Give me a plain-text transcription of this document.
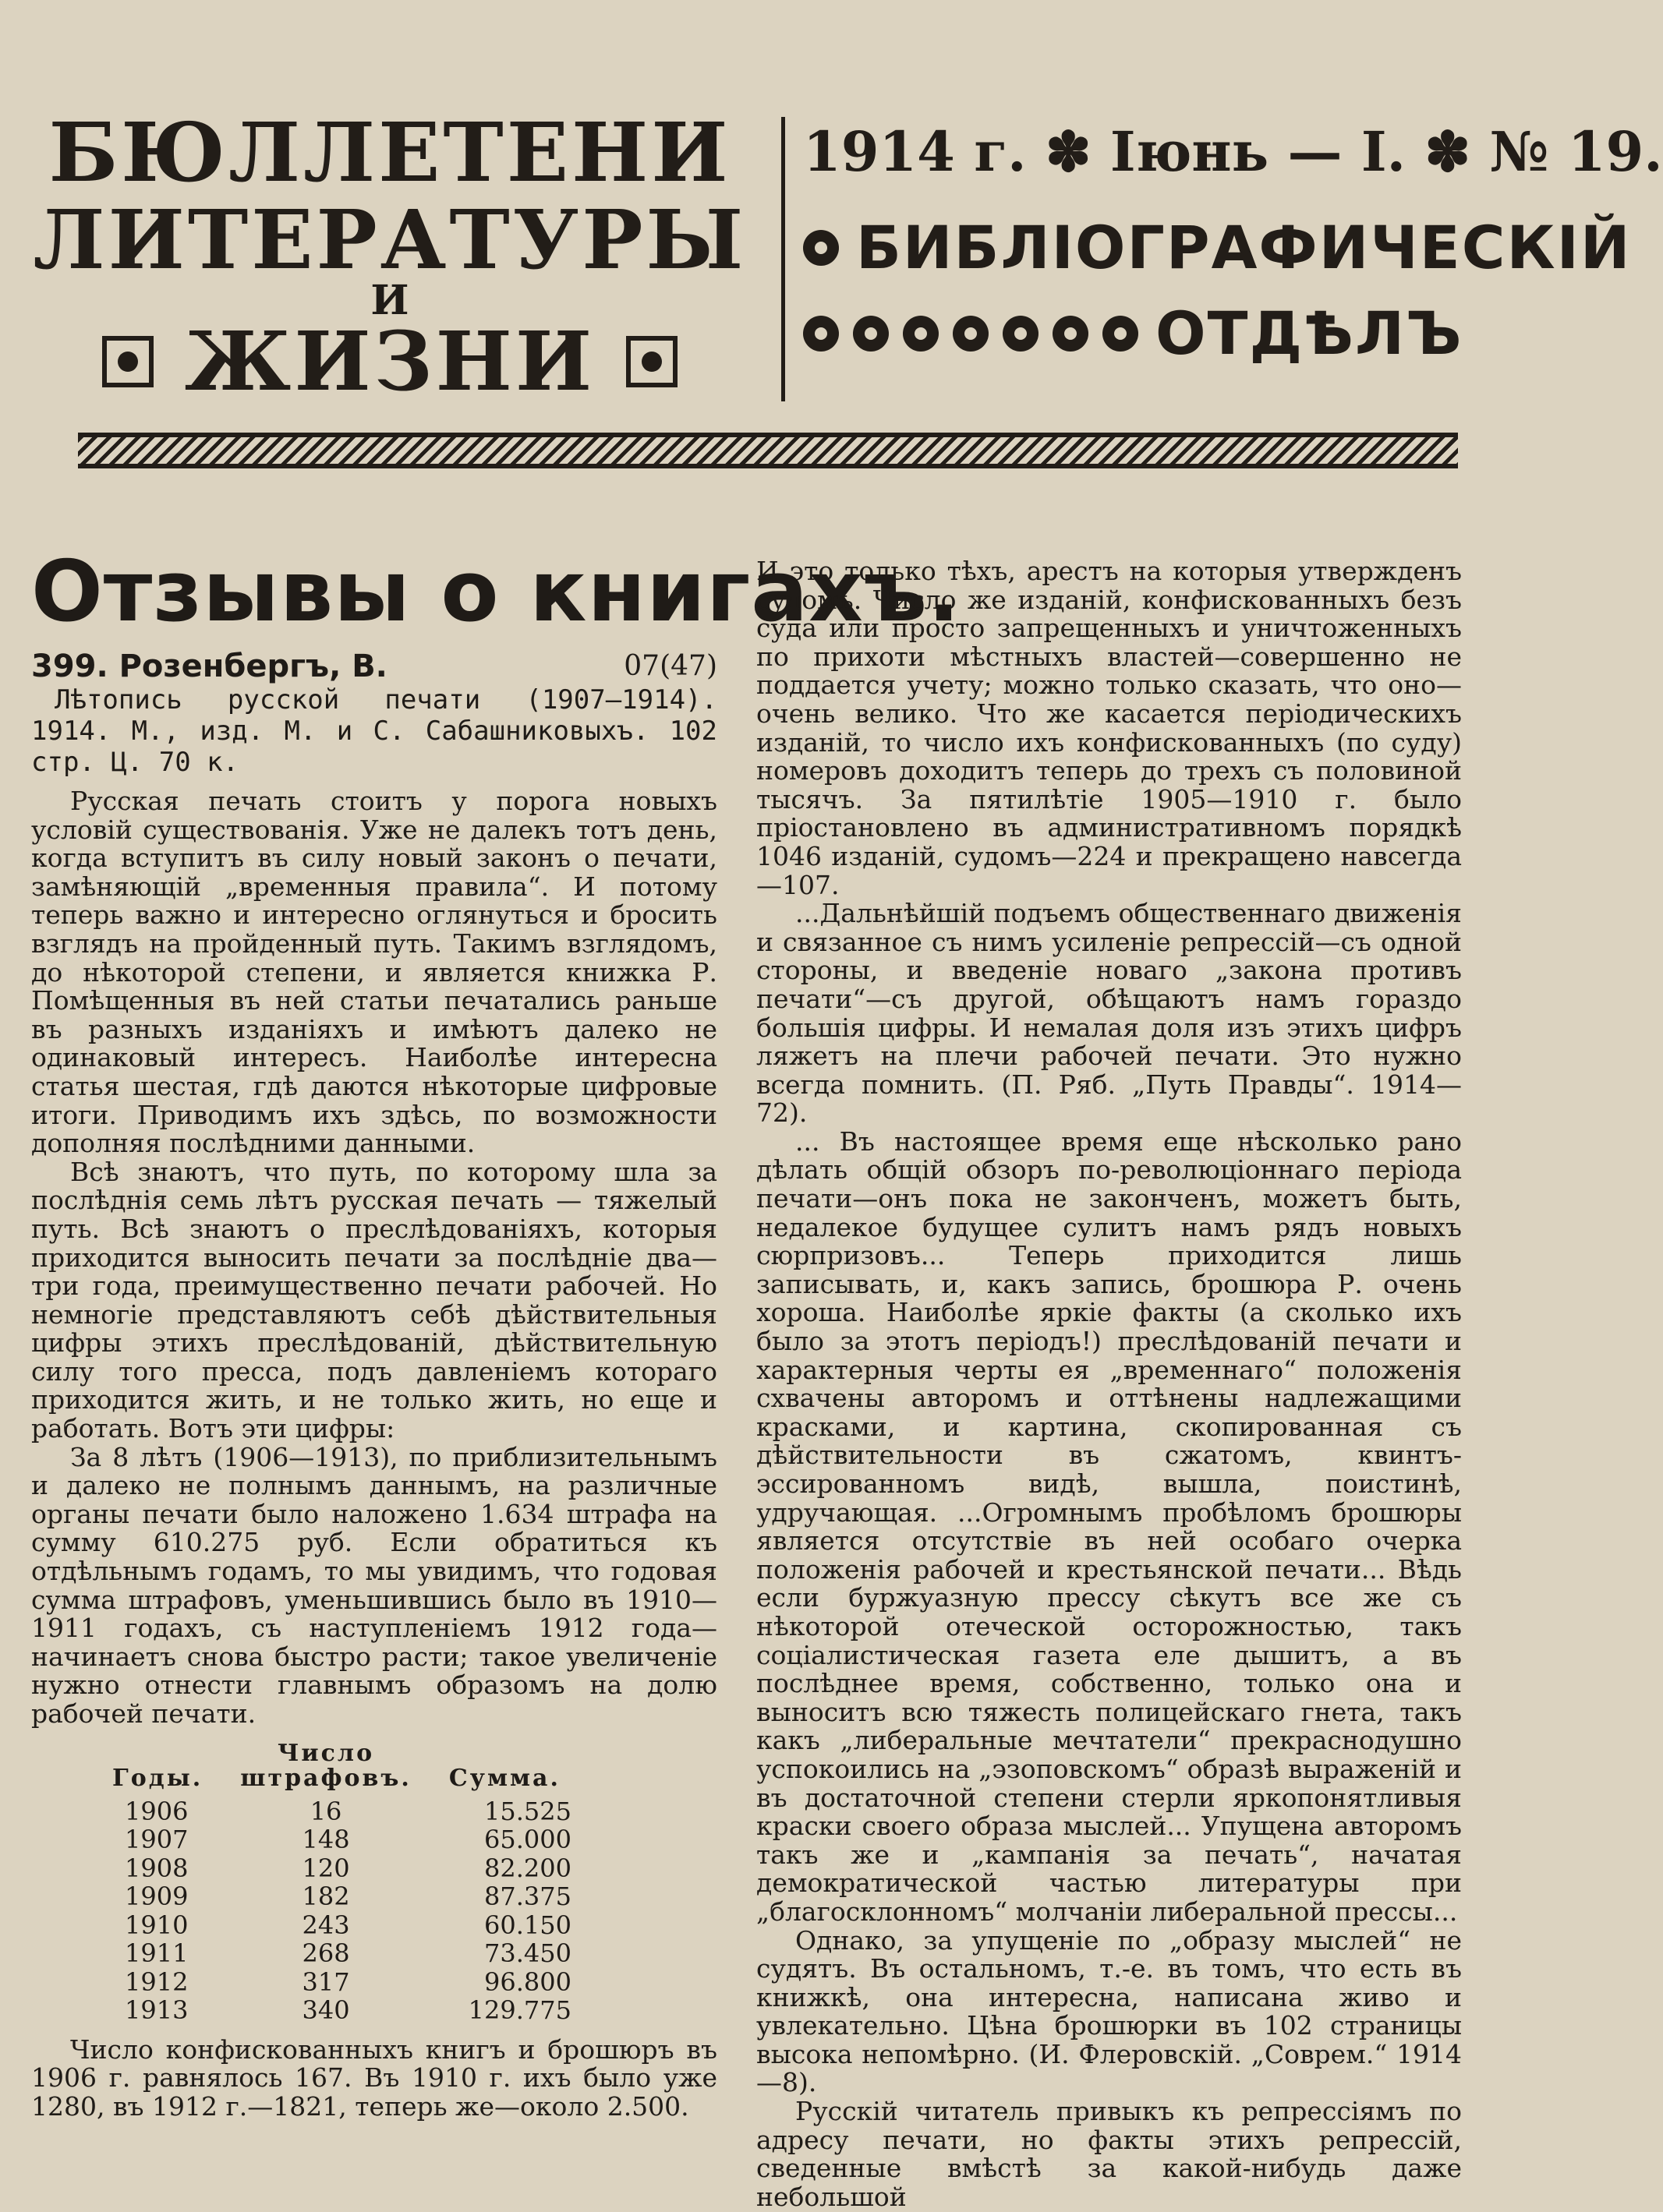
БЮЛЛЕТЕНИ
ЛИТЕРАТУРЫ
И
ЖИЗНИ
1914 г. ✽ Іюнь — I. ✽ № 19.
БИБЛІОГРАФИЧЕСКІЙ
ОТДѢЛЪ
Отзывы о книгахъ.
399. Розенбергъ, В.	07(47)

Лѣтопись русской печати (1907—1914). 1914. М., изд. М. и С. Сабашниковыхъ. 102 стр. Ц. 70 к.

Русская печать стоитъ у порога новыхъ условій существованія. Уже не далекъ тотъ день, когда вступитъ въ силу новый законъ о печати, замѣняющій „временныя правила“. И потому теперь важно и интересно оглянуться и бросить взглядъ на пройденный путь. Такимъ взглядомъ, до нѣкоторой степени, и является книжка Р. Помѣщенныя въ ней статьи печатались раньше въ разныхъ изданіяхъ и имѣютъ далеко не одинаковый интересъ. Наиболѣе интересна статья шестая, гдѣ даются нѣкоторые цифровые итоги. Приводимъ ихъ здѣсь, по возможности дополняя послѣдними данными.

Всѣ знаютъ, что путь, по которому шла за послѣднія семь лѣтъ русская печать — тяжелый путь. Всѣ знаютъ о преслѣдованіяхъ, которыя приходится выносить печати за послѣдніе два—три года, преимущественно печати рабочей. Но немногіе представляютъ себѣ дѣйствительныя цифры этихъ преслѣдованій, дѣйствительную силу того пресса, подъ давленіемъ котораго приходится жить, и не только жить, но еще и работать. Вотъ эти цифры:

За 8 лѣтъ (1906—1913), по приблизительнымъ и далеко не полнымъ даннымъ, на различные органы печати было наложено 1.634 штрафа на сумму 610.275 руб. Если обратиться къ отдѣльнымъ годамъ, то мы увидимъ, что годовая сумма штрафовъ, уменьшившись было въ 1910—1911 годахъ, съ наступленіемъ 1912 года—начинаетъ снова быстро расти; такое увеличеніе нужно отнести главнымъ образомъ на долю рабочей печати.

Годы.	Число штрафовъ.	Сумма.
1906	16	15.525
1907	148	65.000
1908	120	82.200
1909	182	87.375
1910	243	60.150
1911	268	73.450
1912	317	96.800
1913	340	129.775

Число конфискованныхъ книгъ и брошюръ въ 1906 г. равнялось 167. Въ 1910 г. ихъ было уже 1280, въ 1912 г.—1821, теперь же—около 2.500.

И это только тѣхъ, арестъ на которыя утвержденъ судомъ. Число же изданій, конфискованныхъ безъ суда или просто запрещенныхъ и уничтоженныхъ по прихоти мѣстныхъ властей—совершенно не поддается учету; можно только сказать, что оно—очень велико. Что же касается періодическихъ изданій, то число ихъ конфискованныхъ (по суду) номеровъ доходитъ теперь до трехъ съ половиной тысячъ. За пятилѣтіе 1905—1910 г. было пріостановлено въ административномъ порядкѣ 1046 изданій, судомъ—224 и прекращено навсегда—107.

...Дальнѣйшій подъемъ общественнаго движенія и связанное съ нимъ усиленіе репрессій—съ одной стороны, и введеніе новаго „закона противъ печати“—съ другой, обѣщаютъ намъ гораздо большія цифры. И немалая доля изъ этихъ цифръ ляжетъ на плечи рабочей печати. Это нужно всегда помнить. (П. Ряб. „Путь Правды“. 1914—72).

... Въ настоящее время еще нѣсколько рано дѣлать общій обзоръ по-революціоннаго періода печати—онъ пока не законченъ, можетъ быть, недалекое будущее сулитъ намъ рядъ новыхъ сюрпризовъ... Теперь приходится лишь записывать, и, какъ запись, брошюра Р. очень хороша. Наиболѣе яркіе факты (а сколько ихъ было за этотъ періодъ!) преслѣдованій печати и характерныя черты ея „временнаго“ положенія схвачены авторомъ и оттѣнены надлежащими красками, и картина, скопированная съ дѣйствительности въ сжатомъ, квинтъ-эссированномъ видѣ, вышла, поистинѣ, удручающая. ...Огромнымъ пробѣломъ брошюры является отсутствіе въ ней особаго очерка положенія рабочей и крестьянской печати... Вѣдь если буржуазную прессу сѣкутъ все же съ нѣкоторой отеческой осторожностью, такъ соціалистическая газета еле дышитъ, а въ послѣднее время, собственно, только она и выноситъ всю тяжесть полицейскаго гнета, такъ какъ „либеральные мечтатели“ прекраснодушно успокоились на „эзоповскомъ“ образѣ выраженій и въ достаточной степени стерли яркопонятливыя краски своего образа мыслей... Упущена авторомъ такъ же и „кампанія за печать“, начатая демократической частью литературы при „благосклонномъ“ молчаніи либеральной прессы...

Однако, за упущеніе по „образу мыслей“ не судятъ. Въ остальномъ, т.-е. въ томъ, что есть въ книжкѣ, она интересна, написана живо и увлекательно. Цѣна брошюрки въ 102 страницы высока непомѣрно. (И. Флеровскій. „Соврем.“ 1914—8).

Русскій читатель привыкъ къ репрессіямъ по адресу печати, но факты этихъ репрессій, сведенные вмѣстѣ за какой-нибудь даже небольшой
